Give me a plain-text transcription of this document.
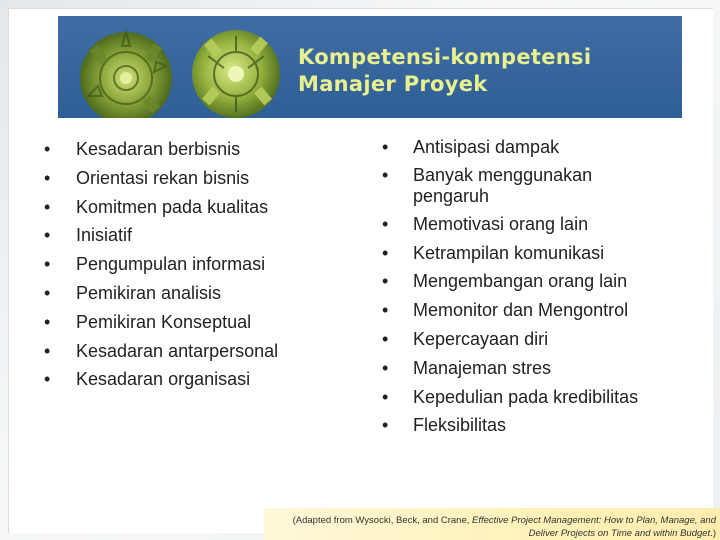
Kompetensi-kompetensi
Manajer Proyek
•	Kesadaran berbisnis
•	Orientasi rekan bisnis
•	Komitmen pada kualitas
•	Inisiatif
•	Pengumpulan informasi
•	Pemikiran analisis
•	Pemikiran Konseptual
•	Kesadaran antarpersonal
•	Kesadaran organisasi
•	Antisipasi dampak
•	Banyak menggunakan
pengaruh
•	Memotivasi orang lain
•	Ketrampilan komunikasi
•	Mengembangan orang lain
•	Memonitor dan Mengontrol
•	Kepercayaan diri
•	Manajeman stres
•	Kepedulian pada kredibilitas
•	Fleksibilitas
(Adapted from Wysocki, Beck, and Crane, Effective Project Management: How to Plan, Manage, and Deliver Projects on Time and within Budget.)
